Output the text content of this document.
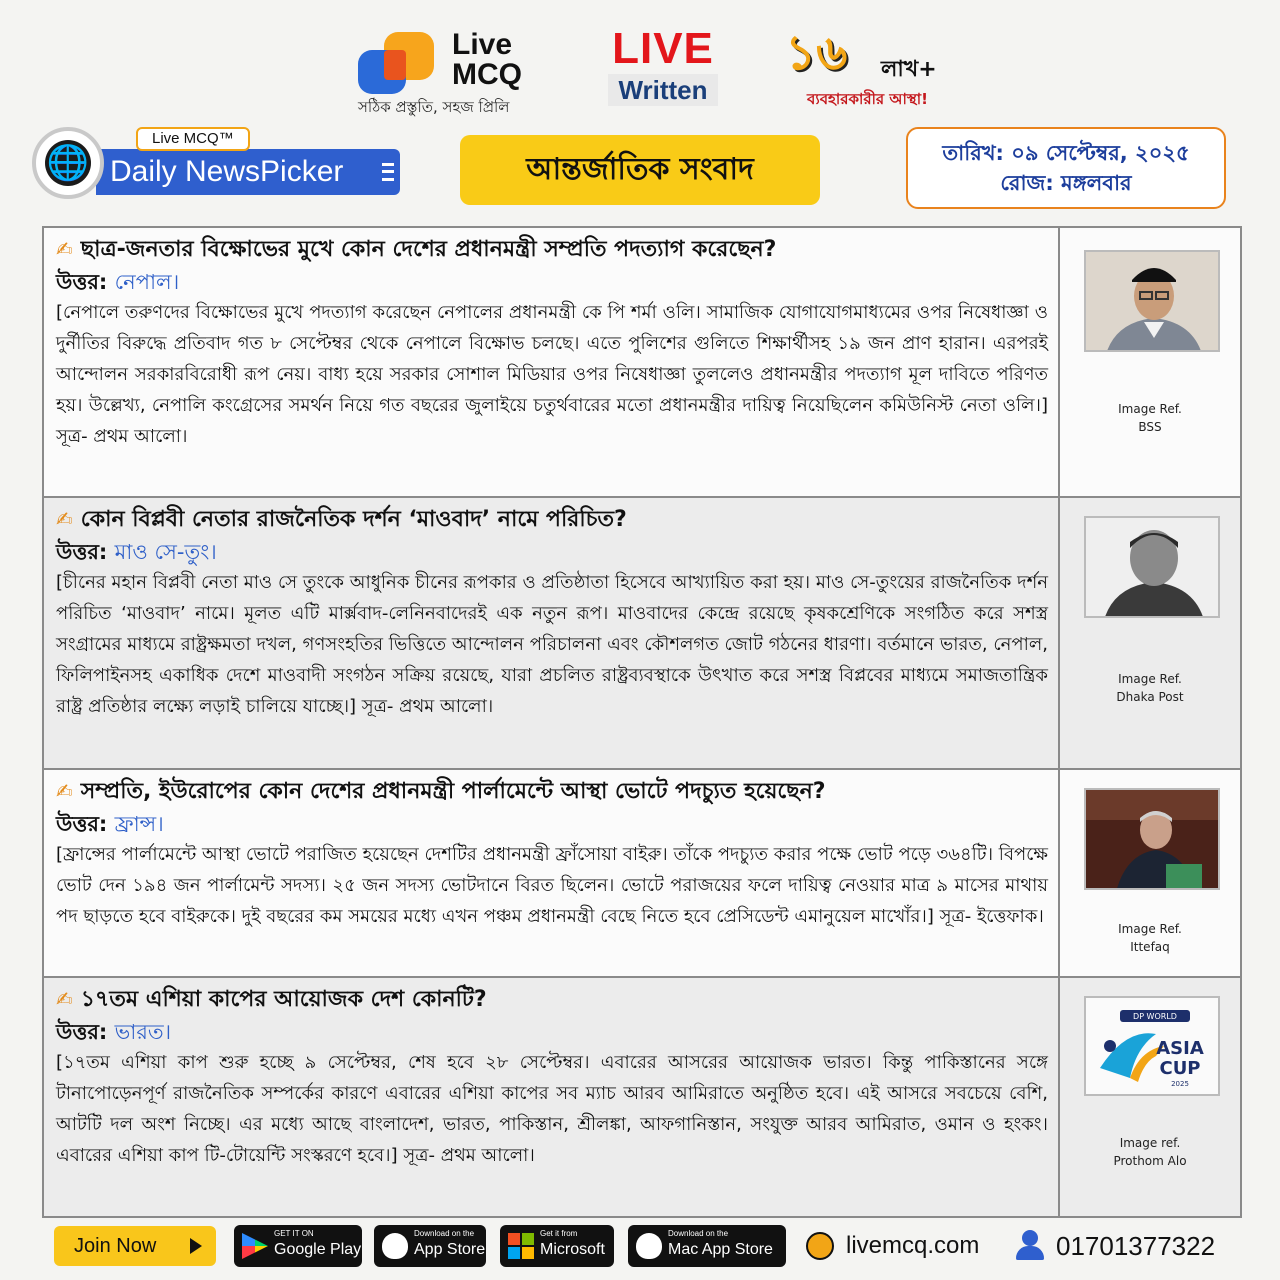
Live
MCQ
সঠিক প্রস্তুতি, সহজ প্রিলি
LIVE
Written
১৬ লাখ+
ব্যবহারকারীর আস্থা!
Daily NewsPicker
🌐
Live MCQ™
আন্তর্জাতিক সংবাদ	তারিখ: ০৯ সেপ্টেম্বর, ২০২৫
রোজ: মঙ্গলবার
✍ ছাত্র-জনতার বিক্ষোভের মুখে কোন দেশের প্রধানমন্ত্রী সম্প্রতি পদত্যাগ করেছেন?
উত্তর: নেপাল।
[নেপালে তরুণদের বিক্ষোভের মুখে পদত্যাগ করেছেন নেপালের প্রধানমন্ত্রী কে পি শর্মা ওলি। সামাজিক যোগাযোগমাধ্যমের ওপর নিষেধাজ্ঞা ও দুর্নীতির বিরুদ্ধে প্রতিবাদ গত ৮ সেপ্টেম্বর থেকে নেপালে বিক্ষোভ চলছে। এতে পুলিশের গুলিতে শিক্ষার্থীসহ ১৯ জন প্রাণ হারান। এরপরই আন্দোলন সরকারবিরোধী রূপ নেয়। বাধ্য হয়ে সরকার সোশাল মিডিয়ার ওপর নিষেধাজ্ঞা তুললেও প্রধানমন্ত্রীর পদত্যাগ মূল দাবিতে পরিণত হয়। উল্লেখ্য, নেপালি কংগ্রেসের সমর্থন নিয়ে গত বছরের জুলাইয়ে চতুর্থবারের মতো প্রধানমন্ত্রীর দায়িত্ব নিয়েছিলেন কমিউনিস্ট নেতা ওলি।] সূত্র- প্রথম আলো।
Image Ref.
BSS
✍ কোন বিপ্লবী নেতার রাজনৈতিক দর্শন ‘মাওবাদ’ নামে পরিচিত?
উত্তর: মাও সে-তুং।
[চীনের মহান বিপ্লবী নেতা মাও সে তুংকে আধুনিক চীনের রূপকার ও প্রতিষ্ঠাতা হিসেবে আখ্যায়িত করা হয়। মাও সে-তুংয়ের রাজনৈতিক দর্শন পরিচিত ‘মাওবাদ’ নামে। মূলত এটি মার্ক্সবাদ-লেনিনবাদেরই এক নতুন রূপ। মাওবাদের কেন্দ্রে রয়েছে কৃষকশ্রেণিকে সংগঠিত করে সশস্ত্র সংগ্রামের মাধ্যমে রাষ্ট্রক্ষমতা দখল, গণসংহতির ভিত্তিতে আন্দোলন পরিচালনা এবং কৌশলগত জোট গঠনের ধারণা। বর্তমানে ভারত, নেপাল, ফিলিপাইনসহ একাধিক দেশে মাওবাদী সংগঠন সক্রিয় রয়েছে, যারা প্রচলিত রাষ্ট্রব্যবস্থাকে উৎখাত করে সশস্ত্র বিপ্লবের মাধ্যমে সমাজতান্ত্রিক রাষ্ট্র প্রতিষ্ঠার লক্ষ্যে লড়াই চালিয়ে যাচ্ছে।] সূত্র- প্রথম আলো।
Image Ref.
Dhaka Post
✍ সম্প্রতি, ইউরোপের কোন দেশের প্রধানমন্ত্রী পার্লামেন্টে আস্থা ভোটে পদচ্যুত হয়েছেন?
উত্তর: ফ্রান্স।
[ফ্রান্সের পার্লামেন্টে আস্থা ভোটে পরাজিত হয়েছেন দেশটির প্রধানমন্ত্রী ফ্রাঁসোয়া বাইরু। তাঁকে পদচ্যুত করার পক্ষে ভোট পড়ে ৩৬৪টি। বিপক্ষে ভোট দেন ১৯৪ জন পার্লামেন্ট সদস্য। ২৫ জন সদস্য ভোটদানে বিরত ছিলেন। ভোটে পরাজয়ের ফলে দায়িত্ব নেওয়ার মাত্র ৯ মাসের মাথায় পদ ছাড়তে হবে বাইরুকে। দুই বছরের কম সময়ের মধ্যে এখন পঞ্চম প্রধানমন্ত্রী বেছে নিতে হবে প্রেসিডেন্ট এমানুয়েল মাখোঁর।] সূত্র- ইত্তেফাক।
Image Ref.
Ittefaq
✍ ১৭তম এশিয়া কাপের আয়োজক দেশ কোনটি?
উত্তর: ভারত।
[১৭তম এশিয়া কাপ শুরু হচ্ছে ৯ সেপ্টেম্বর, শেষ হবে ২৮ সেপ্টেম্বর। এবারের আসরের আয়োজক ভারত। কিন্তু পাকিস্তানের সঙ্গে টানাপোড়েনপূর্ণ রাজনৈতিক সম্পর্কের কারণে এবারের এশিয়া কাপের সব ম্যাচ আরব আমিরাতে অনুষ্ঠিত হবে। এই আসরে সবচেয়ে বেশি, আটটি দল অংশ নিচ্ছে। এর মধ্যে আছে বাংলাদেশ, ভারত, পাকিস্তান, শ্রীলঙ্কা, আফগানিস্তান, সংযুক্ত আরব আমিরাত, ওমান ও হংকং। এবারের এশিয়া কাপ টি-টোয়েন্টি সংস্করণে হবে।] সূত্র- প্রথম আলো।
DP WORLD
ASIA
CUP
2025
Image ref.
Prothom Alo
Join Now
GET IT ON
Google Play
Download on the
App Store
Get it from
Microsoft
Download on the
Mac App Store	livemcq.com	01701377322
